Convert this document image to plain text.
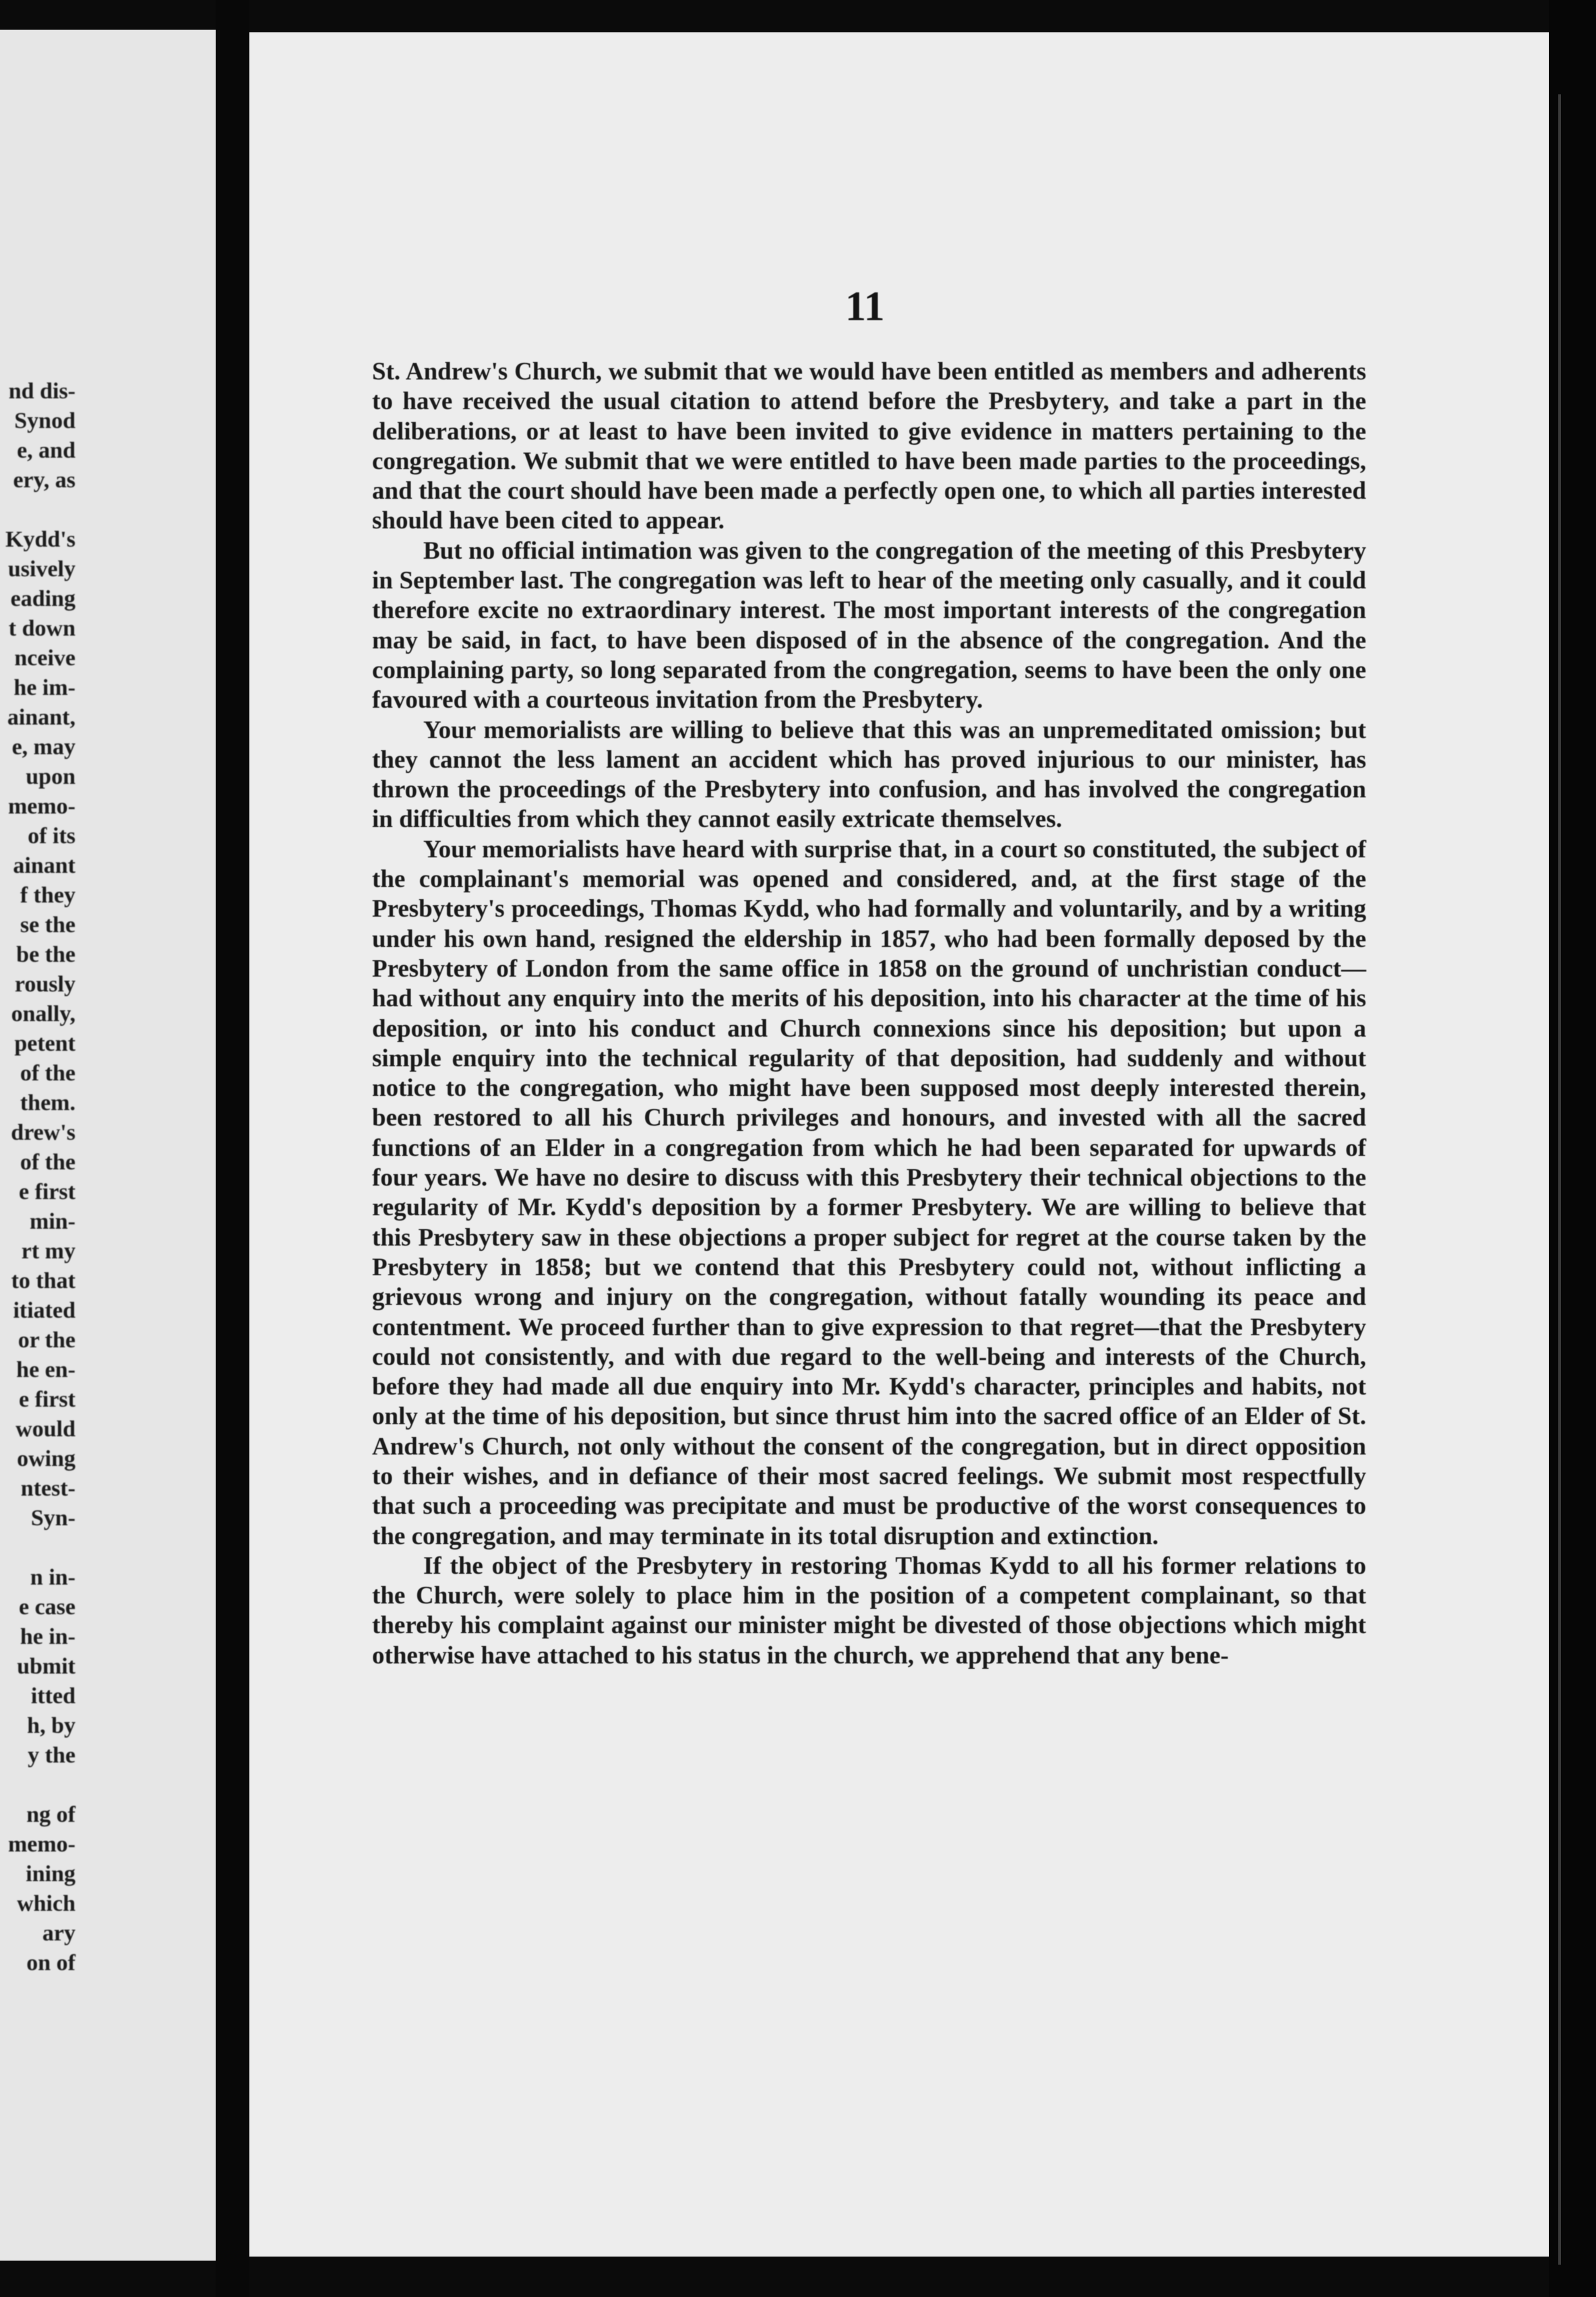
nd dis-
Synod
e, and
ery, as
Kydd's
usively
eading
t down
nceive
he im-
ainant,
e, may
upon
memo-
of its
ainant
f they
se the
be the
rously
onally,
petent
of the
them.
drew's
of the
e first
min-
rt my
to that
itiated
or the
he en-
e first
would
owing
ntest-
Syn-
n in-
e case
he in-
ubmit
itted
h, by
y the
ng of
memo-
ining
which
ary
on of
11

St. Andrew's Church, we submit that we would have been entitled as members and adherents to have received the usual citation to attend before the Presbytery, and take a part in the deliberations, or at least to have been invited to give evidence in matters pertaining to the congregation. We submit that we were entitled to have been made parties to the proceedings, and that the court should have been made a perfectly open one, to which all parties interested should have been cited to appear.

But no official intimation was given to the congregation of the meeting of this Presbytery in September last. The congregation was left to hear of the meeting only casually, and it could therefore excite no extraordinary interest. The most important interests of the congregation may be said, in fact, to have been disposed of in the absence of the congregation. And the complaining party, so long separated from the congregation, seems to have been the only one favoured with a courteous invitation from the Presbytery.

Your memorialists are willing to believe that this was an unpremeditated omission; but they cannot the less lament an accident which has proved injurious to our minister, has thrown the proceedings of the Presbytery into confusion, and has involved the congregation in difficulties from which they cannot easily extricate themselves.

Your memorialists have heard with surprise that, in a court so constituted, the subject of the complainant's memorial was opened and considered, and, at the first stage of the Presbytery's proceedings, Thomas Kydd, who had formally and voluntarily, and by a writing under his own hand, resigned the eldership in 1857, who had been formally deposed by the Presbytery of London from the same office in 1858 on the ground of unchristian conduct—had without any enquiry into the merits of his deposition, into his character at the time of his deposition, or into his conduct and Church connexions since his deposition; but upon a simple enquiry into the technical regularity of that deposition, had suddenly and without notice to the congregation, who might have been supposed most deeply interested therein, been restored to all his Church privileges and honours, and invested with all the sacred functions of an Elder in a congregation from which he had been separated for upwards of four years. We have no desire to discuss with this Presbytery their technical objections to the regularity of Mr. Kydd's deposition by a former Presbytery. We are willing to believe that this Presbytery saw in these objections a proper subject for regret at the course taken by the Presbytery in 1858; but we contend that this Presbytery could not, without inflicting a grievous wrong and injury on the congregation, without fatally wounding its peace and contentment. We proceed further than to give expression to that regret—that the Presbytery could not consistently, and with due regard to the well-being and interests of the Church, before they had made all due enquiry into Mr. Kydd's character, principles and habits, not only at the time of his deposition, but since thrust him into the sacred office of an Elder of St. Andrew's Church, not only without the consent of the congregation, but in direct opposition to their wishes, and in defiance of their most sacred feelings. We submit most respectfully that such a proceeding was precipitate and must be productive of the worst consequences to the congregation, and may terminate in its total disruption and extinction.

If the object of the Presbytery in restoring Thomas Kydd to all his former relations to the Church, were solely to place him in the position of a competent complainant, so that thereby his complaint against our minister might be divested of those objections which might otherwise have attached to his status in the church, we apprehend that any bene-
